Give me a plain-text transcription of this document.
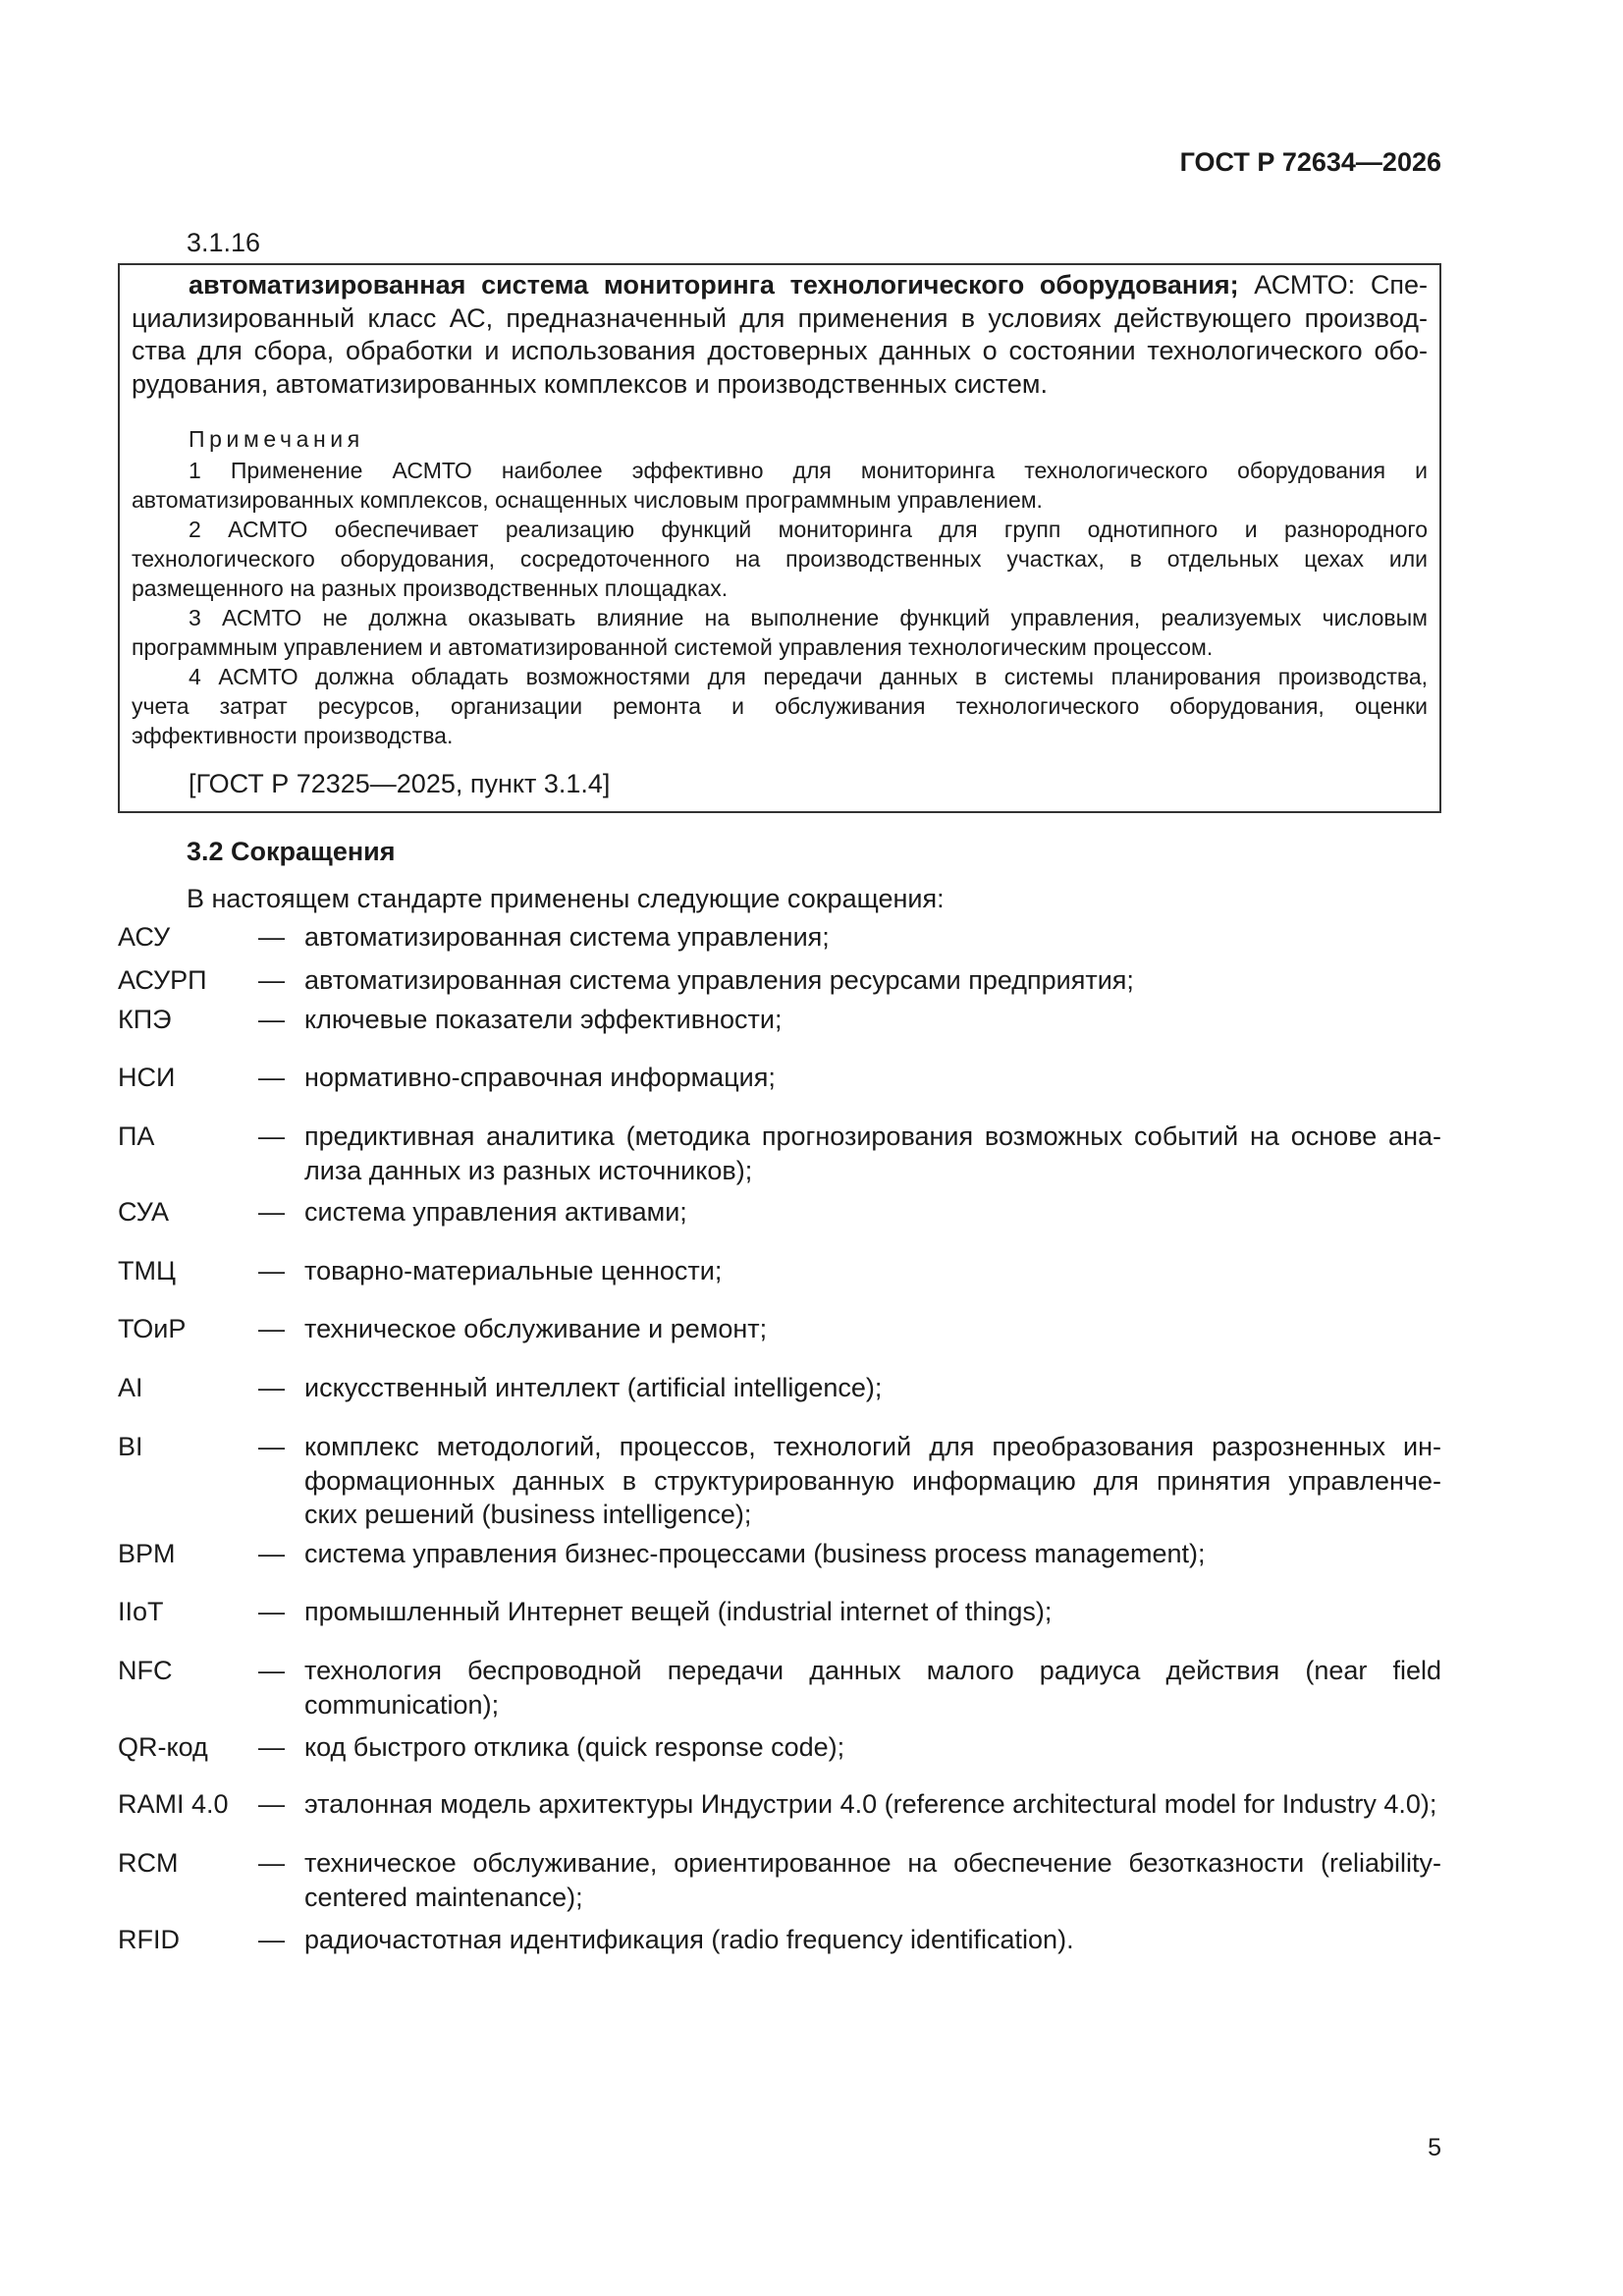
ГОСТ Р 72634—2026

3.1.16

автоматизированная система мониторинга технологического оборудования; АСМТО: Спе-
циализированный класс АС, предназначенный для применения в условиях действующего производ-
ства для сбора, обработки и использования достоверных данных о состоянии технологического обо-
рудования, автоматизированных комплексов и производственных систем.

Примечания

1 Применение АСМТО наиболее эффективно для мониторинга технологического оборудования и
автоматизированных комплексов, оснащенных числовым программным управлением.

2 АСМТО обеспечивает реализацию функций мониторинга для групп однотипного и разнородного
технологического оборудования, сосредоточенного на производственных участках, в отдельных цехах или
размещенного на разных производственных площадках.

3 АСМТО не должна оказывать влияние на выполнение функций управления, реализуемых числовым
программным управлением и автоматизированной системой управления технологическим процессом.

4 АСМТО должна обладать возможностями для передачи данных в системы планирования производства,
учета затрат ресурсов, организации ремонта и обслуживания технологического оборудования, оценки
эффективности производства.

[ГОСТ Р 72325—2025, пункт 3.1.4]

3.2 Сокращения

В настоящем стандарте применены следующие сокращения:

АСУ	— автоматизированная система управления;
АСУРП — автоматизированная система управления ресурсами предприятия;
КПЭ	— ключевые показатели эффективности;
НСИ	— нормативно-справочная информация;
ПА	— предиктивная аналитика (методика прогнозирования возможных событий на основе ана-
лиза данных из разных источников);
СУА	— система управления активами;
ТМЦ	— товарно-материальные ценности;
ТОиР	— техническое обслуживание и ремонт;
AI	— искусственный интеллект (artificial intelligence);
BI	— комплекс методологий, процессов, технологий для преобразования разрозненных ин-
формационных данных в структурированную информацию для принятия управленче-
ских решений (business intelligence);
BPM	— система управления бизнес-процессами (business process management);
IIoT	— промышленный Интернет вещей (industrial internet of things);
NFC	— технология беспроводной передачи данных малого радиуса действия (near field
communication);
QR-код — код быстрого отклика (quick response code);
RAMI 4.0 — эталонная модель архитектуры Индустрии 4.0 (reference architectural model for Industry 4.0);
RCM	— техническое обслуживание, ориентированное на обеспечение безотказности (reliability-
centered maintenance);
RFID	— радиочастотная идентификация (radio frequency identification).

5
